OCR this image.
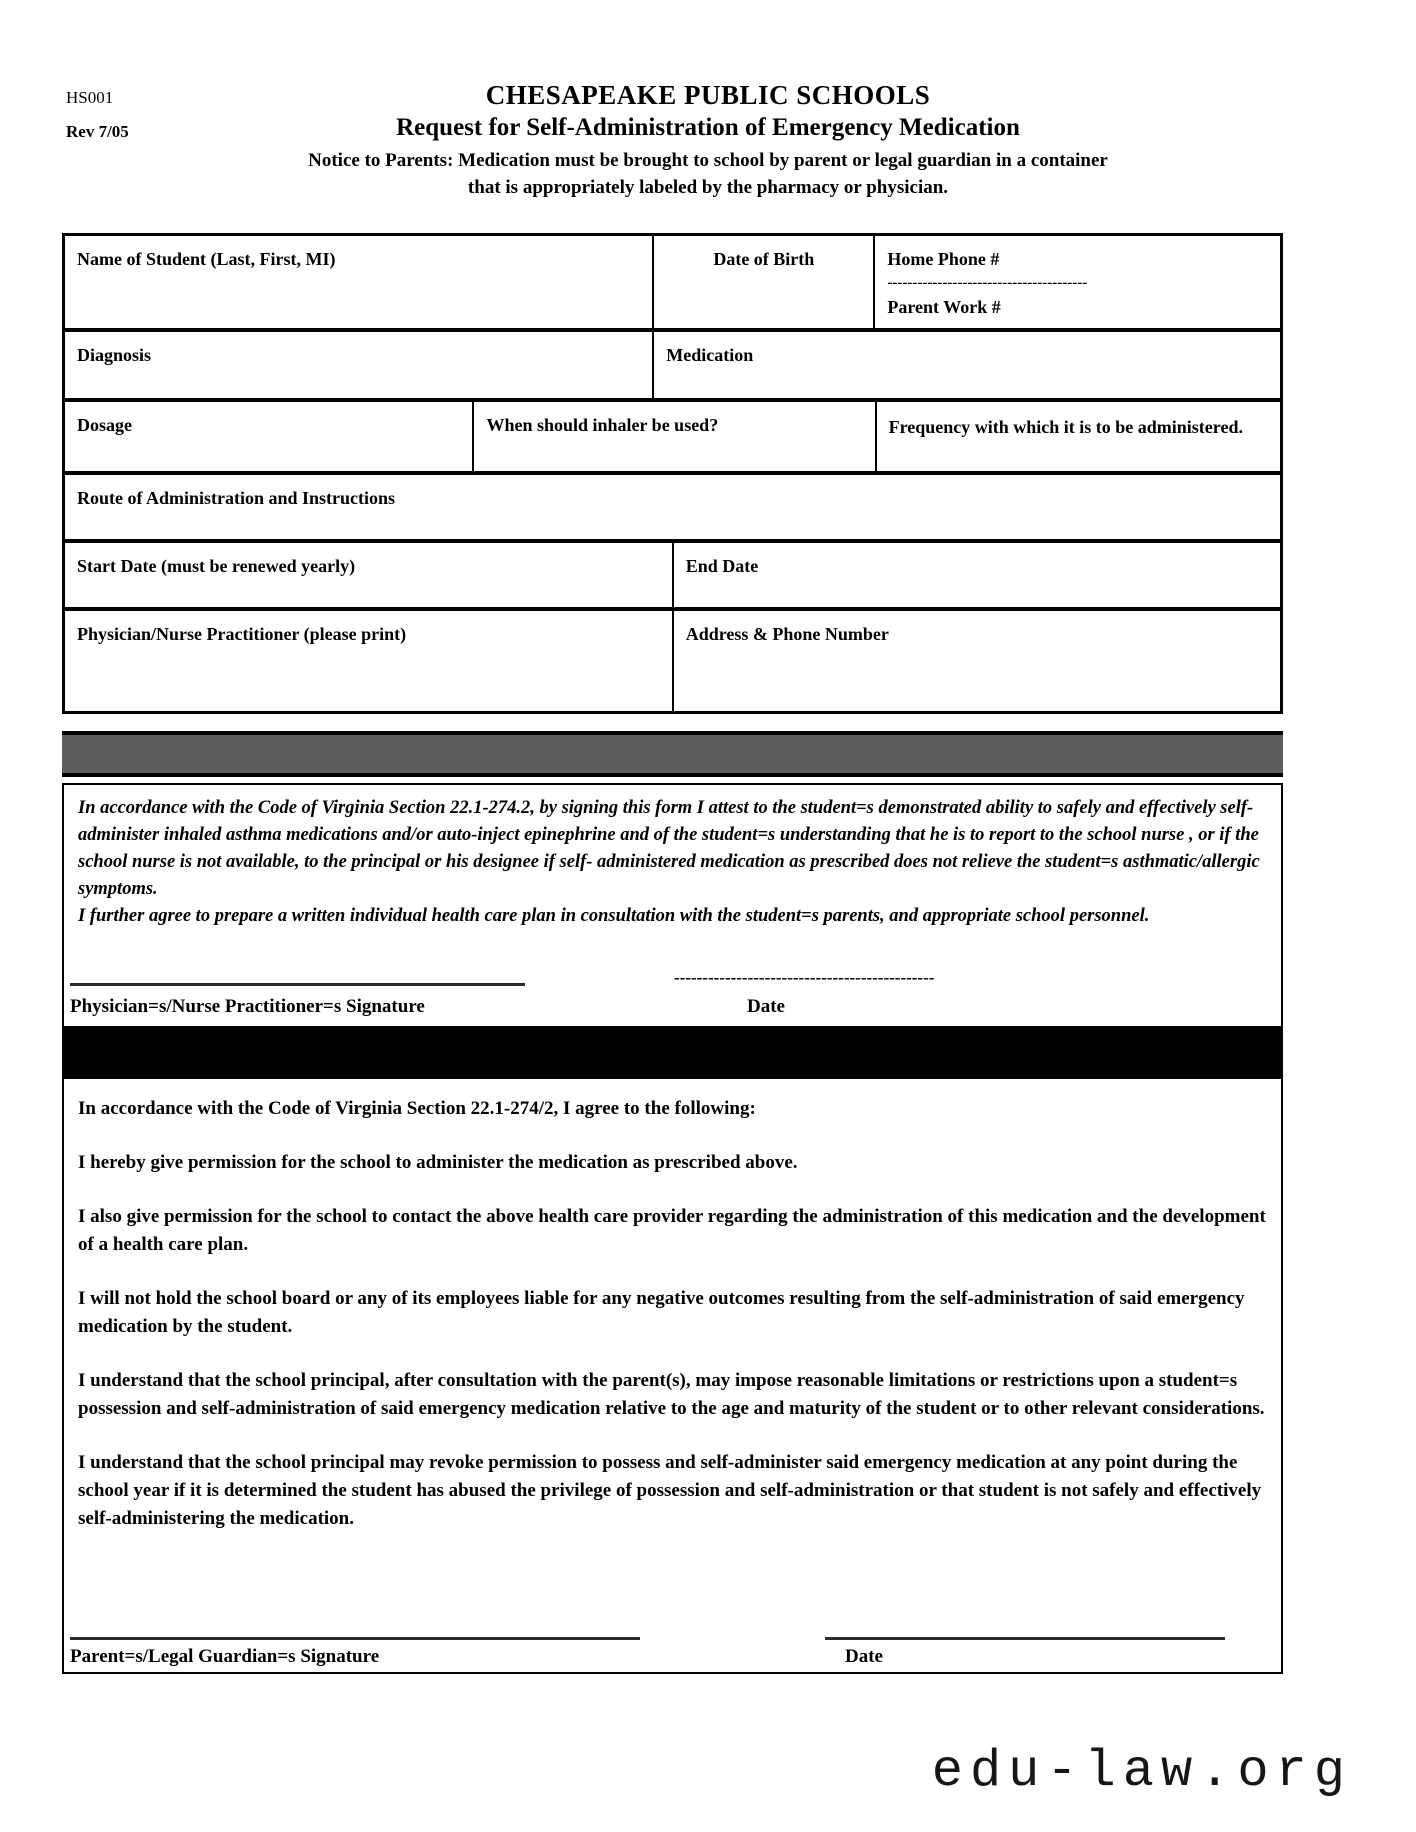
HS001
Rev 7/05
CHESAPEAKE PUBLIC SCHOOLS
Request for Self-Administration of Emergency Medication
Notice to Parents: Medication must be brought to school by parent or legal guardian in a container
that is appropriately labeled by the pharmacy or physician.
Name of Student (Last, First, MI)	Date of Birth	Home Phone #
----------------------------------------
Parent Work #
Diagnosis	Medication
Dosage	When should inhaler be used?	Frequency with which it is to be administered.
Route of Administration and Instructions
Start Date (must be renewed yearly)	End Date
Physician/Nurse Practitioner (please print)	Address & Phone Number

In accordance with the Code of Virginia Section 22.1-274.2, by signing this form I attest to the student=s demonstrated ability to safely and effectively self-administer inhaled asthma medications and/or auto-inject epinephrine and of the student=s understanding that he is to report to the school nurse , or if the school nurse is not available, to the principal or his designee if self- administered medication as prescribed does not relieve the student=s asthmatic/allergic symptoms.

I further agree to prepare a written individual health care plan in consultation with the student=s parents, and appropriate school personnel.

Physician=s/Nurse Practitioner=s Signature
----------------------------------------------
Date

In accordance with the Code of Virginia Section 22.1-274/2, I agree to the following:

I hereby give permission for the school to administer the medication as prescribed above.

I also give permission for the school to contact the above health care provider regarding the administration of this medication and the development of a health care plan.

I will not hold the school board or any of its employees liable for any negative outcomes resulting from the self-administration of said emergency medication by the student.

I understand that the school principal, after consultation with the parent(s), may impose reasonable limitations or restrictions upon a student=s possession and self-administration of said emergency medication relative to the age and maturity of the student or to other relevant considerations.

I understand that the school principal may revoke permission to possess and self-administer said emergency medication at any point during the school year if it is determined the student has abused the privilege of possession and self-administration or that student is not safely and effectively self-administering the medication.

Parent=s/Legal Guardian=s Signature	Date
edu-law.org
